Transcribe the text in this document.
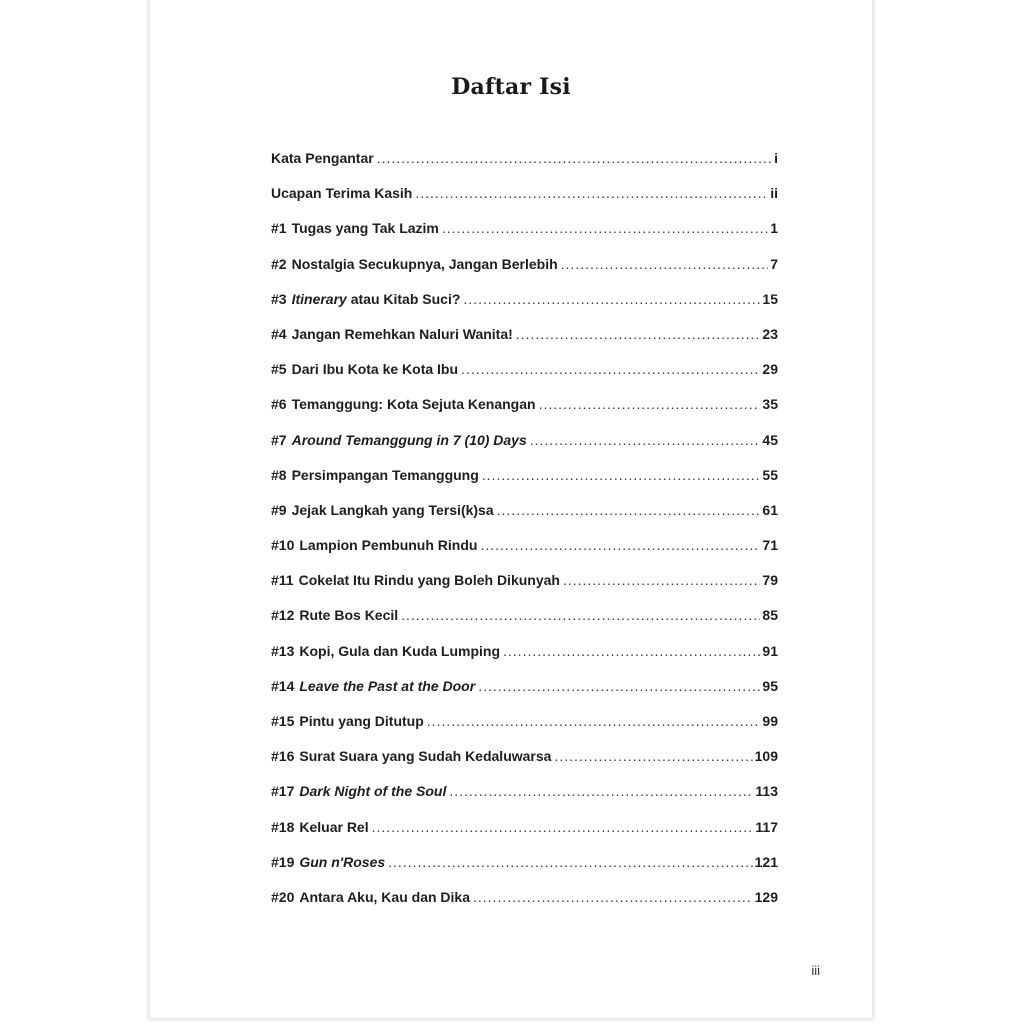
Daftar Isi
Kata Pengantar .....	i
Ucapan Terima Kasih .....	ii
#1 Tugas yang Tak Lazim .....	1
#2 Nostalgia Secukupnya, Jangan Berlebih .....	7
#3 Itinerary atau Kitab Suci? .....	15
#4 Jangan Remehkan Naluri Wanita! .....	23
#5 Dari Ibu Kota ke Kota Ibu .....	29
#6 Temanggung: Kota Sejuta Kenangan .....	35
#7 Around Temanggung in 7 (10) Days .....	45
#8 Persimpangan Temanggung .....	55
#9 Jejak Langkah yang Tersi(k)sa .....	61
#10 Lampion Pembunuh Rindu .....	71
#11 Cokelat Itu Rindu yang Boleh Dikunyah .....	79
#12 Rute Bos Kecil .....	85
#13 Kopi, Gula dan Kuda Lumping .....	91
#14 Leave the Past at the Door .....	95
#15 Pintu yang Ditutup .....	99
#16 Surat Suara yang Sudah Kedaluwarsa .....	109
#17 Dark Night of the Soul .....	113
#18 Keluar Rel .....	117
#19 Gun n'Roses .....	121
#20 Antara Aku, Kau dan Dika .....	129
iii
